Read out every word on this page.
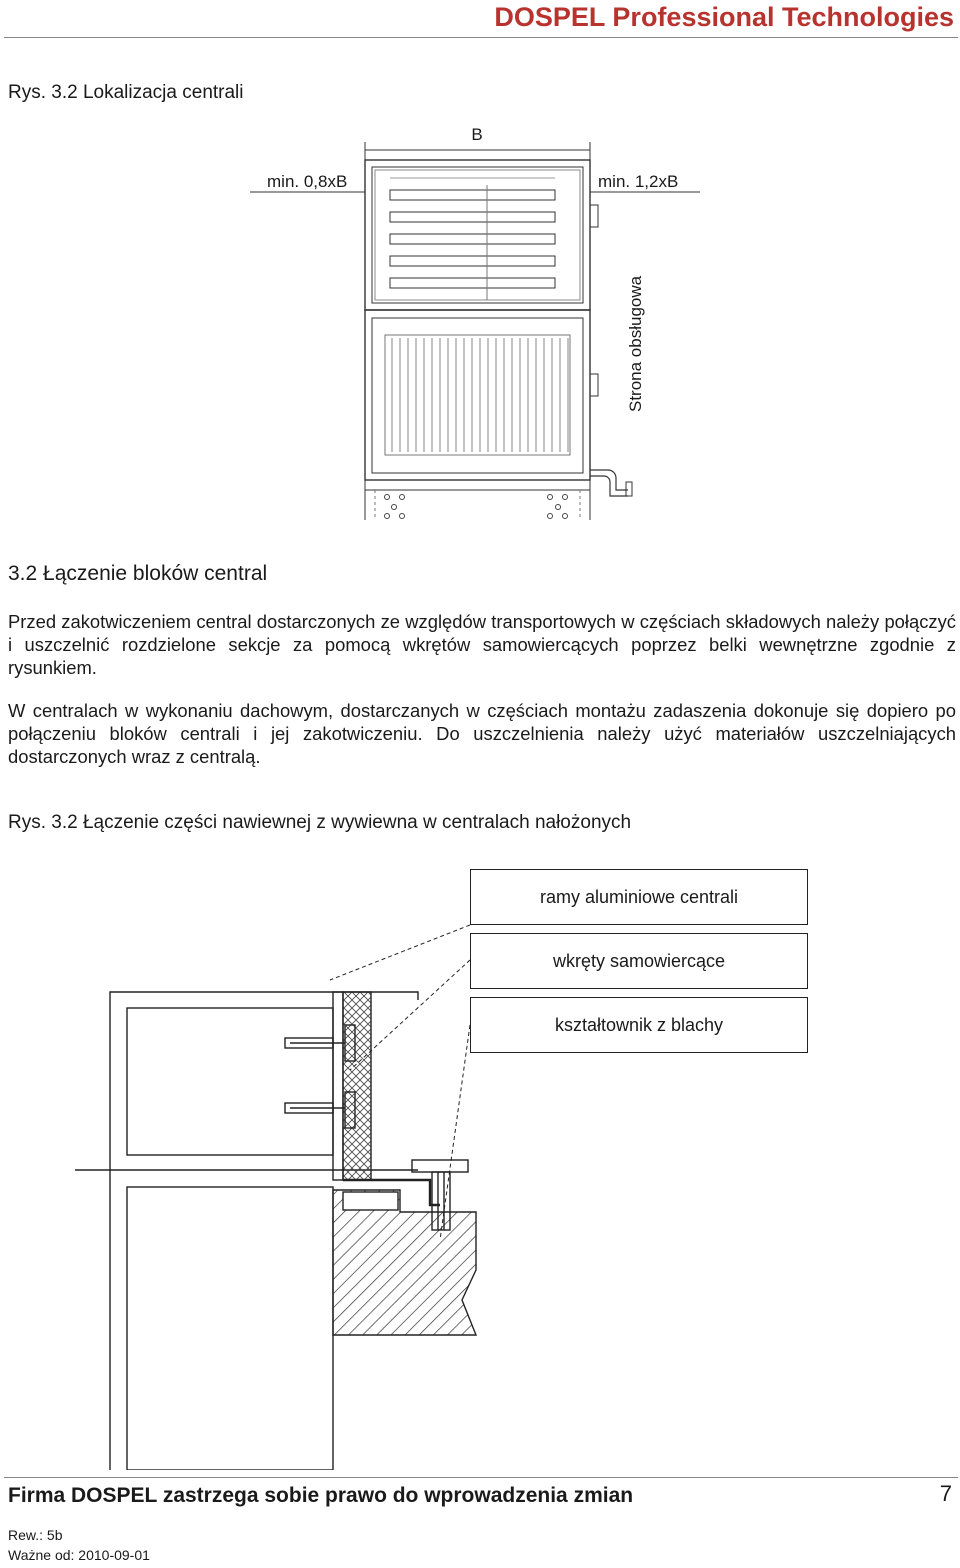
DOSPEL Professional Technologies
Rys. 3.2 Lokalizacja centrali
B
min. 0,8xB	min. 1,2xB
Strona obsługowa
3.2 Łączenie bloków central
Przed zakotwiczeniem central dostarczonych ze względów transportowych w częściach składowych należy połączyć i uszczelnić rozdzielone sekcje za pomocą wkrętów samowiercących poprzez belki wewnętrzne zgodnie z rysunkiem.
W centralach w wykonaniu dachowym, dostarczanych w częściach montażu zadaszenia dokonuje się dopiero po połączeniu bloków centrali i jej zakotwiczeniu. Do uszczelnienia należy użyć materiałów uszczelniających dostarczonych wraz z centralą.
Rys. 3.2 Łączenie części nawiewnej z wywiewna w centralach nałożonych
ramy aluminiowe centrali
wkręty samowiercące
kształtownik z blachy
Firma DOSPEL zastrzega sobie prawo do wprowadzenia zmian	7
Rew.: 5b
Ważne od: 2010-09-01
